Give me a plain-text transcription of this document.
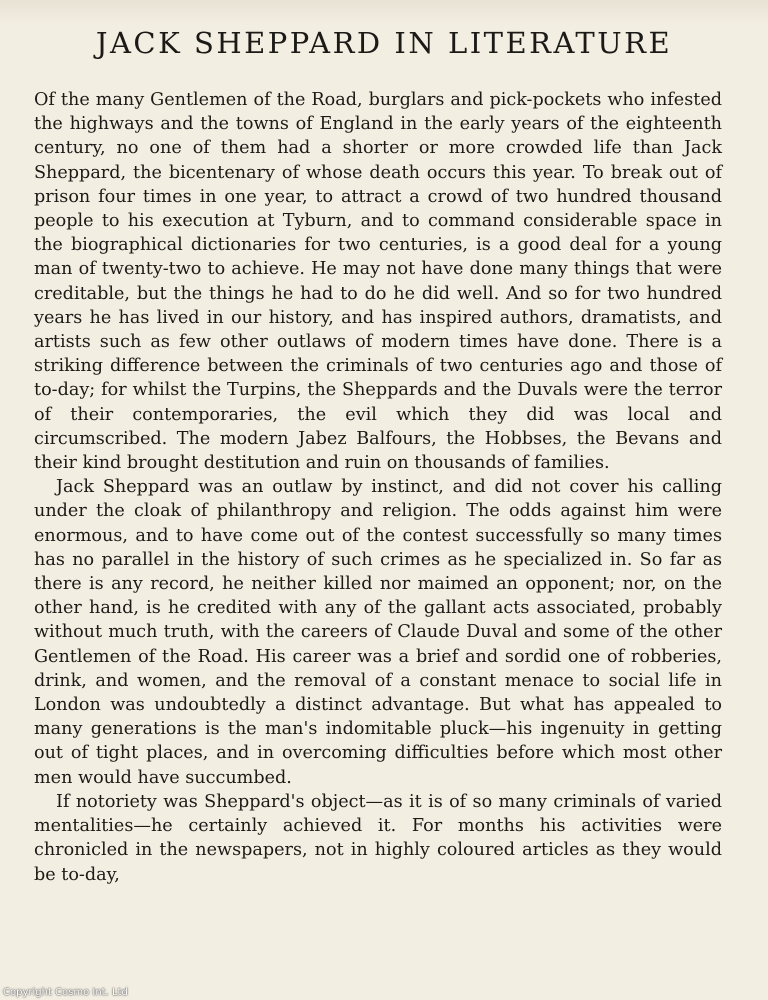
JACK SHEPPARD IN LITERATURE

Of the many Gentlemen of the Road, burglars and pick-pockets who infested the highways and the towns of England in the early years of the eighteenth century, no one of them had a shorter or more crowded life than Jack Sheppard, the bicentenary of whose death occurs this year. To break out of prison four times in one year, to attract a crowd of two hundred thousand people to his execution at Tyburn, and to command considerable space in the biographical dictionaries for two centuries, is a good deal for a young man of twenty-two to achieve. He may not have done many things that were creditable, but the things he had to do he did well. And so for two hundred years he has lived in our history, and has inspired authors, dramatists, and artists such as few other outlaws of modern times have done. There is a striking difference between the criminals of two centuries ago and those of to-day; for whilst the Turpins, the Sheppards and the Duvals were the terror of their contemporaries, the evil which they did was local and circumscribed. The modern Jabez Balfours, the Hobbses, the Bevans and their kind brought destitution and ruin on thousands of families.

Jack Sheppard was an outlaw by instinct, and did not cover his calling under the cloak of philanthropy and religion. The odds against him were enormous, and to have come out of the contest successfully so many times has no parallel in the history of such crimes as he specialized in. So far as there is any record, he neither killed nor maimed an opponent; nor, on the other hand, is he credited with any of the gallant acts associated, probably without much truth, with the careers of Claude Duval and some of the other Gentlemen of the Road. His career was a brief and sordid one of robberies, drink, and women, and the removal of a constant menace to social life in London was undoubtedly a distinct advantage. But what has appealed to many generations is the man's indomitable pluck—his ingenuity in getting out of tight places, and in overcoming difficulties before which most other men would have succumbed.

If notoriety was Sheppard's object—as it is of so many criminals of varied mentalities—he certainly achieved it. For months his activities were chronicled in the newspapers, not in highly coloured articles as they would be to-day,

Copyright Cosmo Int. Ltd
